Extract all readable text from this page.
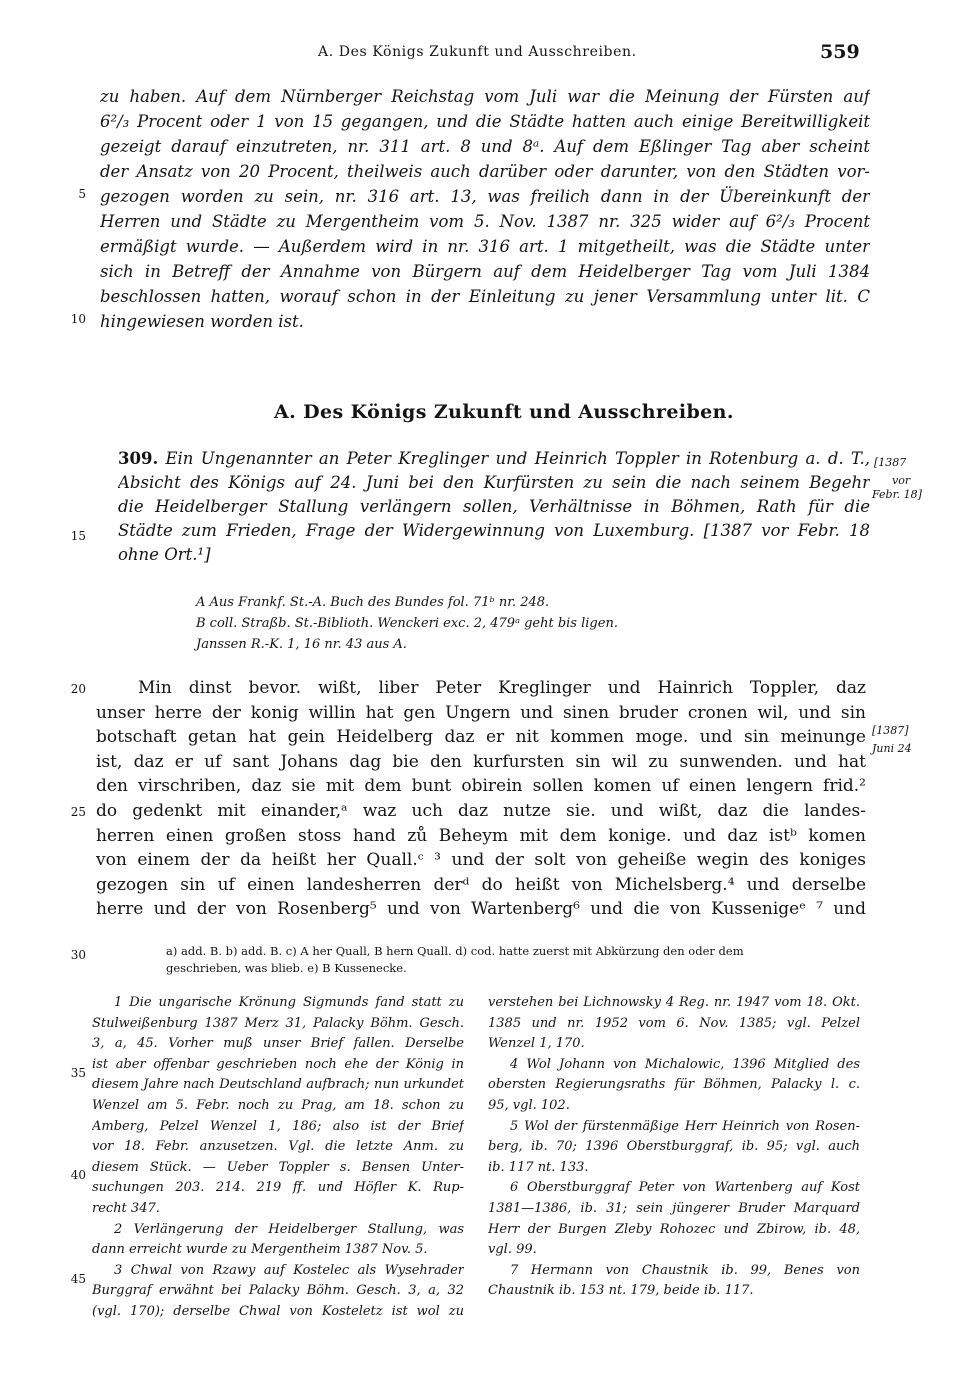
A. Des Königs Zukunft und Ausschreiben.	559
zu haben. Auf dem Nürnberger Reichstag vom Juli war die Meinung der Fürsten auf
6²/₃ Procent oder 1 von 15 gegangen, und die Städte hatten auch einige Bereitwilligkeit
gezeigt darauf einzutreten, nr. 311 art. 8 und 8ᵃ. Auf dem Eßlinger Tag aber scheint
der Ansatz von 20 Procent, theilweis auch darüber oder darunter, von den Städten vor-
gezogen worden zu sein, nr. 316 art. 13, was freilich dann in der Übereinkunft der
Herren und Städte zu Mergentheim vom 5. Nov. 1387 nr. 325 wider auf 6²/₃ Procent
ermäßigt wurde. — Außerdem wird in nr. 316 art. 1 mitgetheilt, was die Städte unter
sich in Betreff der Annahme von Bürgern auf dem Heidelberger Tag vom Juli 1384
beschlossen hatten, worauf schon in der Einleitung zu jener Versammlung unter lit. C
hingewiesen worden ist.
5
10
15
20
25
30
35
40
45
A. Des Königs Zukunft und Ausschreiben.
309. Ein Ungenannter an Peter Kreglinger und Heinrich Toppler in Rotenburg a. d. T.,
Absicht des Königs auf 24. Juni bei den Kurfürsten zu sein die nach seinem Begehr
die Heidelberger Stallung verlängern sollen, Verhältnisse in Böhmen, Rath für die
Städte zum Frieden, Frage der Widergewinnung von Luxemburg. [1387 vor Febr. 18
ohne Ort.¹]
[1387
vor
Febr. 18]
A Aus Frankf. St.-A. Buch des Bundes fol. 71ᵇ nr. 248.
B coll. Straßb. St.-Biblioth. Wenckeri exc. 2, 479ᵃ geht bis ligen.
Janssen R.-K. 1, 16 nr. 43 aus A.
Min dinst bevor. wißt, liber Peter Kreglinger und Hainrich Toppler, daz
unser herre der konig willin hat gen Ungern und sinen bruder cronen wil, und sin
botschaft getan hat gein Heidelberg daz er nit kommen moge. und sin meinunge
ist, daz er uf sant Johans dag bie den kurfursten sin wil zu sunwenden. und hat
den virschriben, daz sie mit dem bunt obirein sollen komen uf einen lengern frid.²
do gedenkt mit einander,ᵃ waz uch daz nutze sie. und wißt, daz die landes-
herren einen großen stoss hand zů Beheym mit dem konige. und daz istᵇ komen
von einem der da heißt her Quall.ᶜ ³ und der solt von geheiße wegin des koniges
gezogen sin uf einen landesherren derᵈ do heißt von Michelsberg.⁴ und derselbe
herre und der von Rosenberg⁵ und von Wartenberg⁶ und die von Kussenigeᵉ ⁷ und
[1387]
Juni 24
a) add. B. b) add. B. c) A her Quall, B hern Quall. d) cod. hatte zuerst mit Abkürzung den oder dem
geschrieben, was blieb. e) B Kussenecke.
1 Die ungarische Krönung Sigmunds fand statt zu
Stulweißenburg 1387 Merz 31, Palacky Böhm. Gesch.
3, a, 45. Vorher muß unser Brief fallen. Derselbe
ist aber offenbar geschrieben noch ehe der König in
diesem Jahre nach Deutschland aufbrach; nun urkundet
Wenzel am 5. Febr. noch zu Prag, am 18. schon zu
Amberg, Pelzel Wenzel 1, 186; also ist der Brief
vor 18. Febr. anzusetzen. Vgl. die letzte Anm. zu
diesem Stück. — Ueber Toppler s. Bensen Unter-
suchungen 203. 214. 219 ff. und Höfler K. Rup-
recht 347.
2 Verlängerung der Heidelberger Stallung, was
dann erreicht wurde zu Mergentheim 1387 Nov. 5.
3 Chwal von Rzawy auf Kostelec als Wysehrader
Burggraf erwähnt bei Palacky Böhm. Gesch. 3, a, 32
(vgl. 170); derselbe Chwal von Kosteletz ist wol zu
verstehen bei Lichnowsky 4 Reg. nr. 1947 vom 18. Okt.
1385 und nr. 1952 vom 6. Nov. 1385; vgl. Pelzel
Wenzel 1, 170.
4 Wol Johann von Michalowic, 1396 Mitglied des
obersten Regierungsraths für Böhmen, Palacky l. c.
95, vgl. 102.
5 Wol der fürstenmäßige Herr Heinrich von Rosen-
berg, ib. 70; 1396 Oberstburggraf, ib. 95; vgl. auch
ib. 117 nt. 133.
6 Oberstburggraf Peter von Wartenberg auf Kost
1381—1386, ib. 31; sein jüngerer Bruder Marquard
Herr der Burgen Zleby Rohozec und Zbirow, ib. 48,
vgl. 99.
7 Hermann von Chaustnik ib. 99, Benes von
Chaustnik ib. 153 nt. 179, beide ib. 117.
